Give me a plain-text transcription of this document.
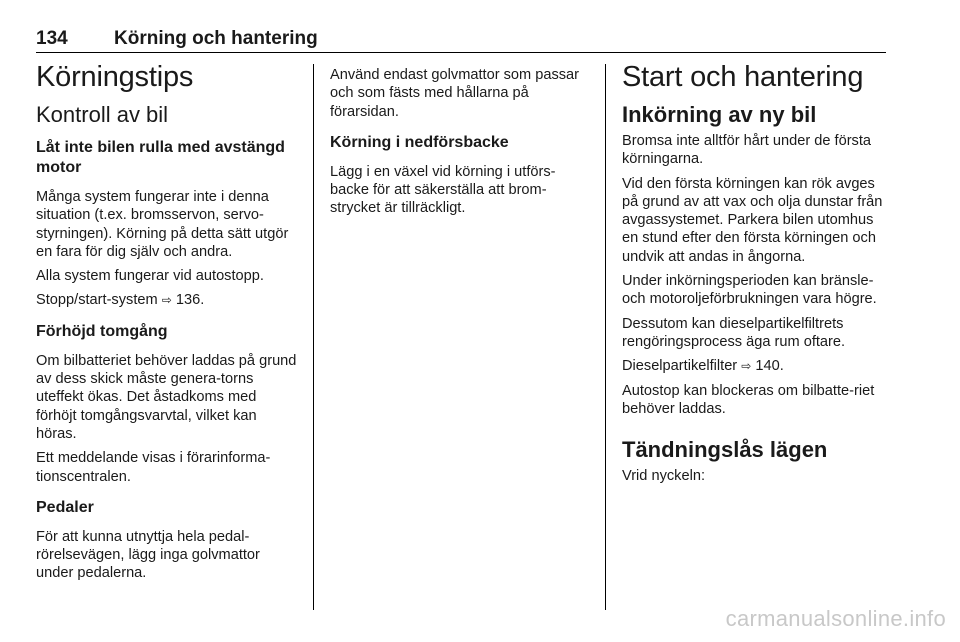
134 Körning och hantering
Körningstips
Kontroll av bil
Låt inte bilen rulla med avstängd motor

Många system fungerar inte i denna situation (t.ex. bromsservon, servo-styrningen). Körning på detta sätt utgör en fara för dig själv och andra.

Alla system fungerar vid autostopp.

Stopp/start-system ⇨ 136.

Förhöjd tomgång

Om bilbatteriet behöver laddas på grund av dess skick måste genera-torns uteffekt ökas. Det åstadkoms med förhöjt tomgångsvarvtal, vilket kan höras.

Ett meddelande visas i förarinforma-tionscentralen.

Pedaler

För att kunna utnyttja hela pedal-rörelsevägen, lägg inga golvmattor under pedalerna.

Använd endast golvmattor som passar och som fästs med hållarna på förarsidan.

Körning i nedförsbacke

Lägg i en växel vid körning i utförs-backe för att säkerställa att brom-strycket är tillräckligt.

Start och hantering
Inkörning av ny bil

Bromsa inte alltför hårt under de första körningarna.

Vid den första körningen kan rök avges på grund av att vax och olja dunstar från avgassystemet. Parkera bilen utomhus en stund efter den första körningen och undvik att andas in ångorna.

Under inkörningsperioden kan bränsle- och motoroljeförbrukningen vara högre.

Dessutom kan dieselpartikelfiltrets rengöringsprocess äga rum oftare.

Dieselpartikelfilter ⇨ 140.

Autostop kan blockeras om bilbatte-riet behöver laddas.

Tändningslås lägen

Vrid nyckeln:

carmanualsonline.info
